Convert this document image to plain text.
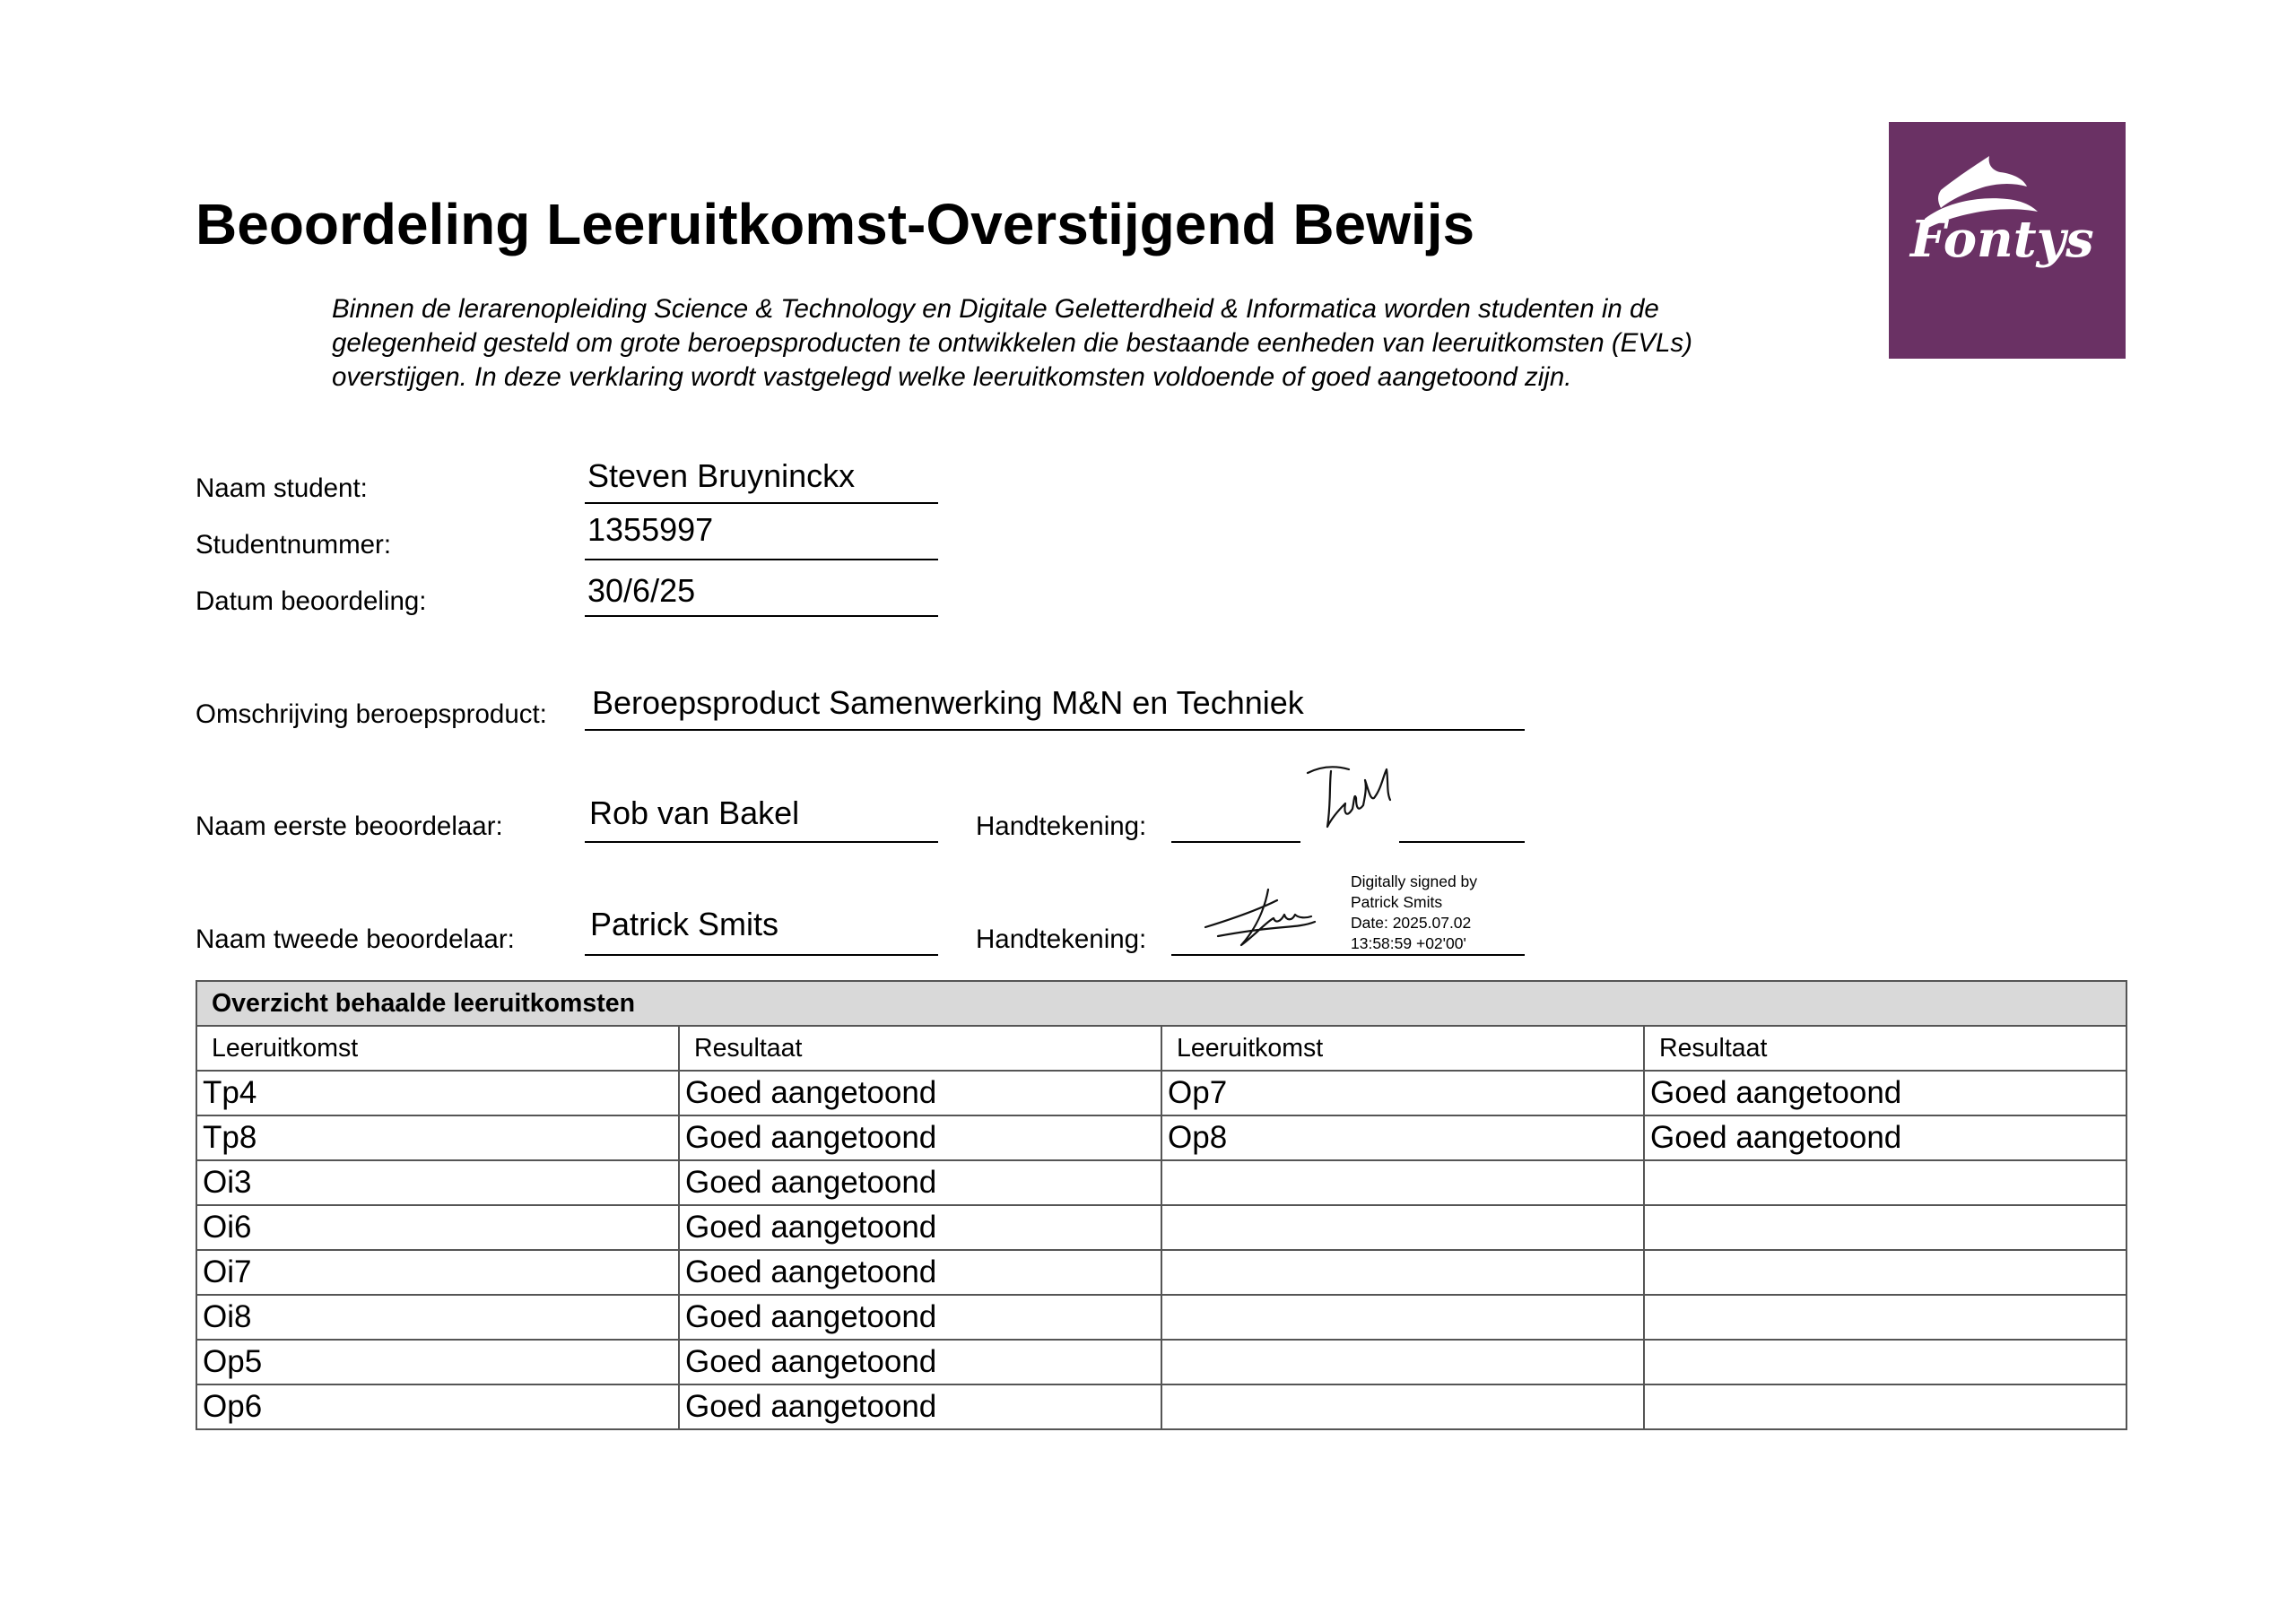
Beoordeling Leeruitkomst-Overstijgend Bewijs

Binnen de lerarenopleiding Science & Technology en Digitale Geletterdheid & Informatica worden studenten in de

gelegenheid gesteld om grote beroepsproducten te ontwikkelen die bestaande eenheden van leeruitkomsten (EVLs)

overstijgen. In deze verklaring wordt vastgelegd welke leeruitkomsten voldoende of goed aangetoond zijn.

Fontys
Naam student:	Steven Bruyninckx
Studentnummer:	1355997
Datum beoordeling:	30/6/25
Omschrijving beroepsproduct: Beroepsproduct Samenwerking M&N en Techniek
Naam eerste beoordelaar:	Rob van Bakel	Handtekening:
Naam tweede beoordelaar: Patrick Smits	Handtekening:
Digitally signed by
Patrick Smits
Date: 2025.07.02
13:58:59 +02'00'
Overzicht behaalde leeruitkomsten			
Leeruitkomst	Resultaat	Leeruitkomst	Resultaat
Tp4	Goed aangetoond	Op7	Goed aangetoond
Tp8	Goed aangetoond	Op8	Goed aangetoond
Oi3	Goed aangetoond		
Oi6	Goed aangetoond		
Oi7	Goed aangetoond		
Oi8	Goed aangetoond		
Op5	Goed aangetoond		
Op6	Goed aangetoond		
